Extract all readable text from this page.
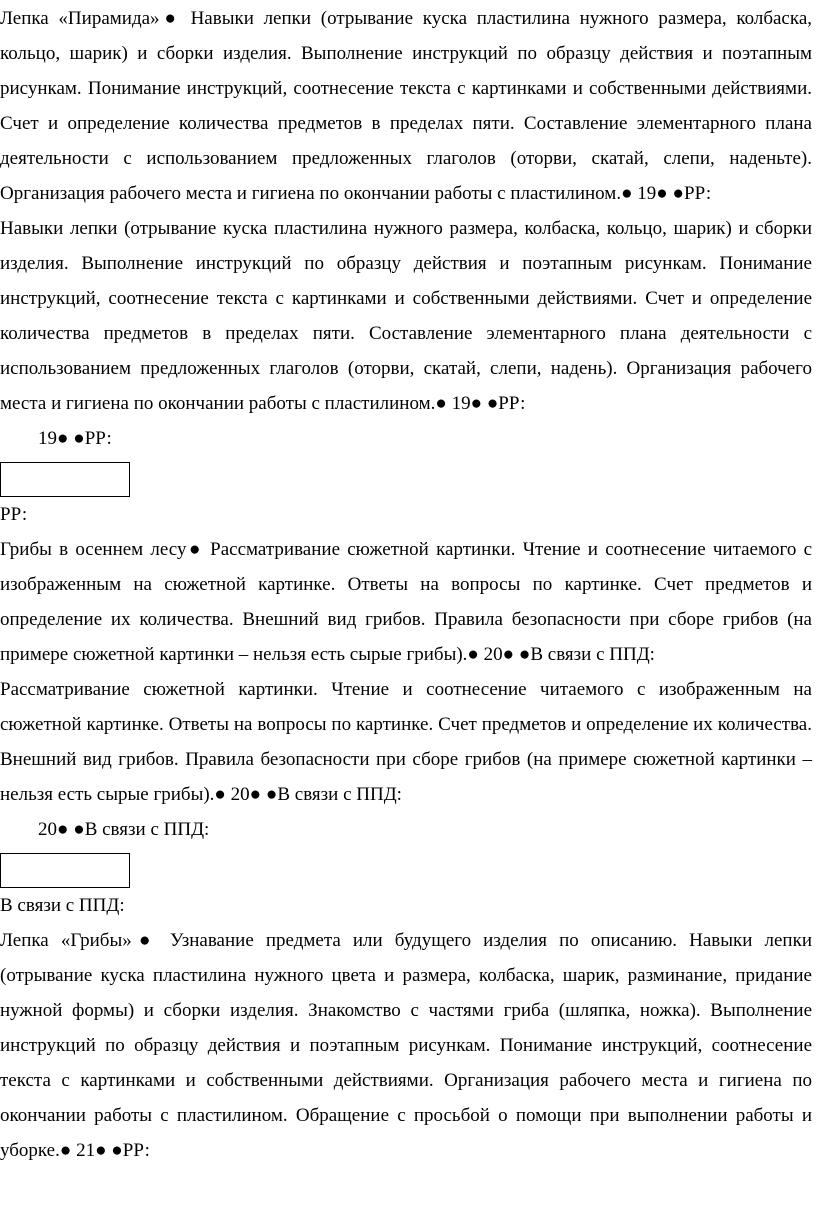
Лепка «Пирамида»● Навыки лепки (отрывание куска пластилина нужного размера, колбаска, кольцо, шарик) и сборки изделия. Выполнение инструкций по образцу действия и поэтапным рисункам. Понимание инструкций, соотнесение текста с картинками и собственными действиями. Счет и определение количества предметов в пределах пяти. Составление элементарного плана деятельности с использованием предложенных глаголов (оторви, скатай, слепи, наденьте). Организация рабочего места и гигиена по окончании работы с пластилином.● 19● ●РР:

Навыки лепки (отрывание куска пластилина нужного размера, колбаска, кольцо, шарик) и сборки изделия. Выполнение инструкций по образцу действия и поэтапным рисункам. Понимание инструкций, соотнесение текста с картинками и собственными действиями. Счет и определение количества предметов в пределах пяти. Составление элементарного плана деятельности с использованием предложенных глаголов (оторви, скатай, слепи, надень). Организация рабочего места и гигиена по окончании работы с пластилином.● 19● ●РР:

19● ●РР:

РР:

Грибы в осеннем лесу● Рассматривание сюжетной картинки. Чтение и соотнесение читаемого с изображенным на сюжетной картинке. Ответы на вопросы по картинке. Счет предметов и определение их количества. Внешний вид грибов. Правила безопасности при сборе грибов (на примере сюжетной картинки – нельзя есть сырые грибы).● 20● ●В связи с ППД:

Рассматривание сюжетной картинки. Чтение и соотнесение читаемого с изображенным на сюжетной картинке. Ответы на вопросы по картинке. Счет предметов и определение их количества. Внешний вид грибов. Правила безопасности при сборе грибов (на примере сюжетной картинки – нельзя есть сырые грибы).● 20● ●В связи с ППД:

20● ●В связи с ППД:

В связи с ППД:

Лепка «Грибы»● Узнавание предмета или будущего изделия по описанию. Навыки лепки (отрывание куска пластилина нужного цвета и размера, колбаска, шарик, разминание, придание нужной формы) и сборки изделия. Знакомство с частями гриба (шляпка, ножка). Выполнение инструкций по образцу действия и поэтапным рисункам. Понимание инструкций, соотнесение текста с картинками и собственными действиями. Организация рабочего места и гигиена по окончании работы с пластилином. Обращение с просьбой о помощи при выполнении работы и уборке.● 21● ●РР:
